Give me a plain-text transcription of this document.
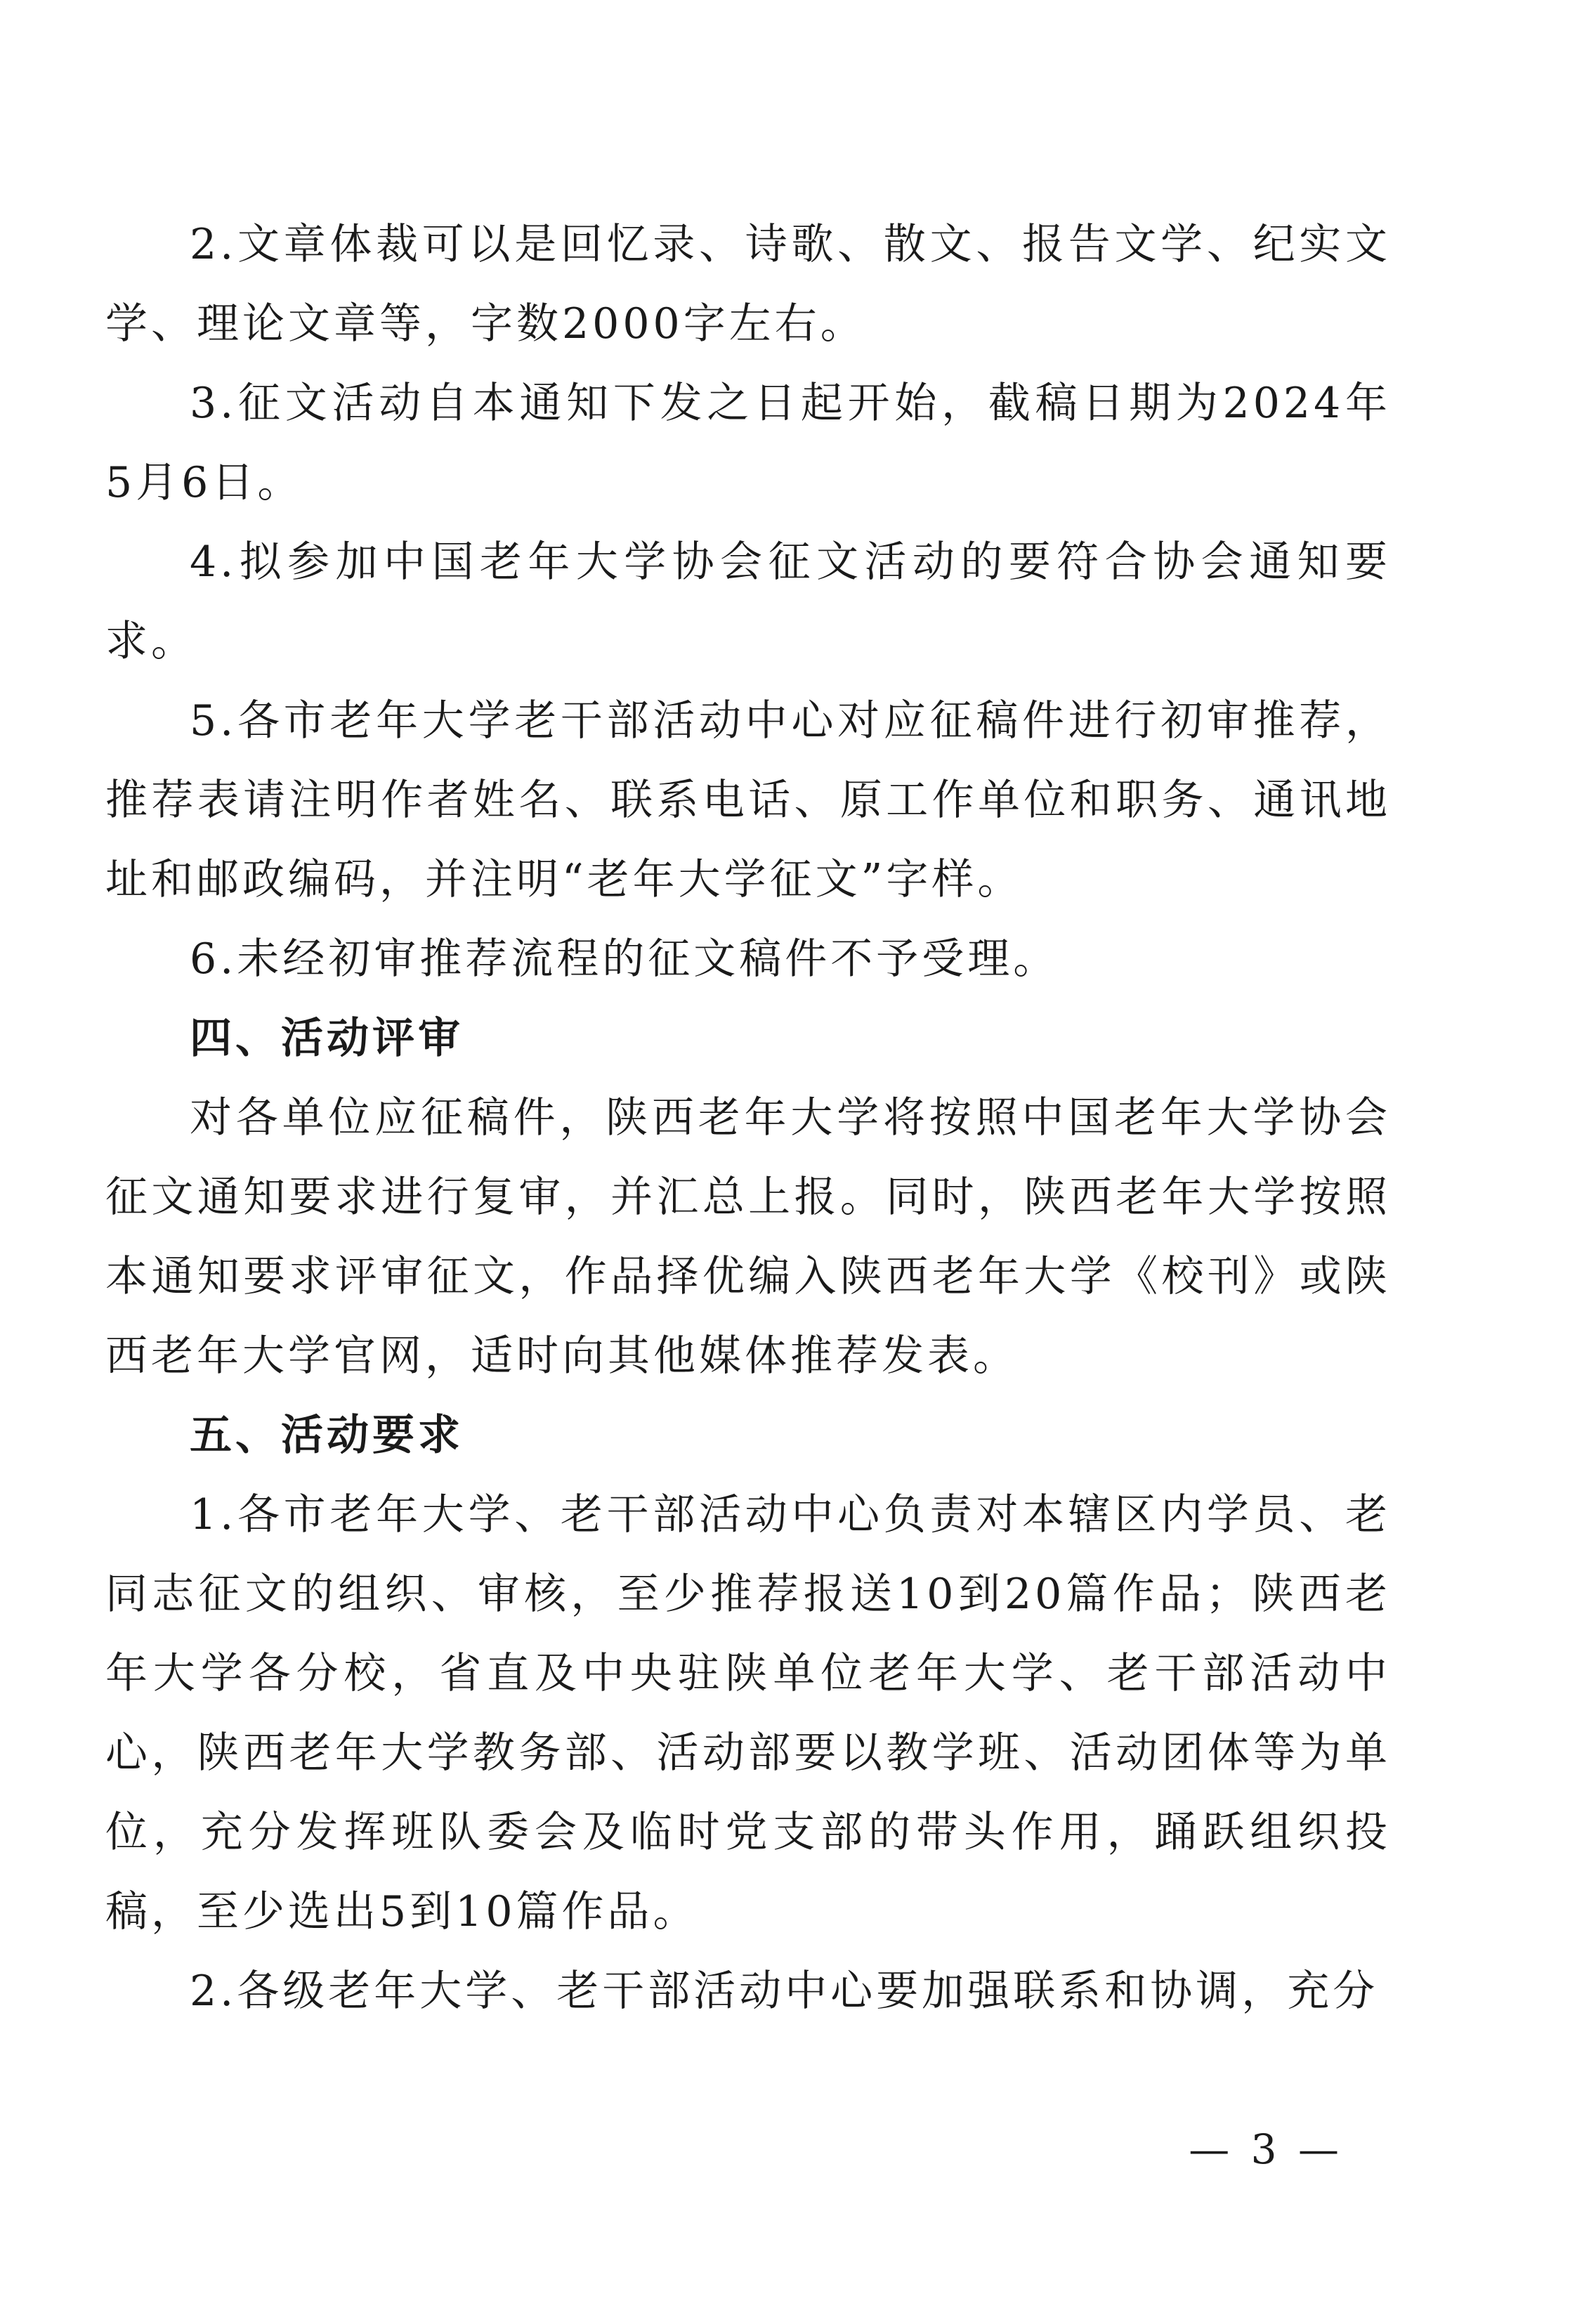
2.文章体裁可以是回忆录、诗歌、散文、报告文学、纪实文学、理论文章等，字数2000字左右。

3.征文活动自本通知下发之日起开始，截稿日期为2024年5月6日。

4.拟参加中国老年大学协会征文活动的要符合协会通知要求。

5.各市老年大学老干部活动中心对应征稿件进行初审推荐，推荐表请注明作者姓名、联系电话、原工作单位和职务、通讯地址和邮政编码，并注明“老年大学征文”字样。

6.未经初审推荐流程的征文稿件不予受理。

四、活动评审

对各单位应征稿件，陕西老年大学将按照中国老年大学协会征文通知要求进行复审，并汇总上报。同时，陕西老年大学按照本通知要求评审征文，作品择优编入陕西老年大学《校刊》或陕西老年大学官网，适时向其他媒体推荐发表。

五、活动要求

1.各市老年大学、老干部活动中心负责对本辖区内学员、老同志征文的组织、审核，至少推荐报送10到20篇作品；陕西老年大学各分校，省直及中央驻陕单位老年大学、老干部活动中心，陕西老年大学教务部、活动部要以教学班、活动团体等为单位，充分发挥班队委会及临时党支部的带头作用，踊跃组织投稿，至少选出5到10篇作品。

2.各级老年大学、老干部活动中心要加强联系和协调，充分

— 3 —
